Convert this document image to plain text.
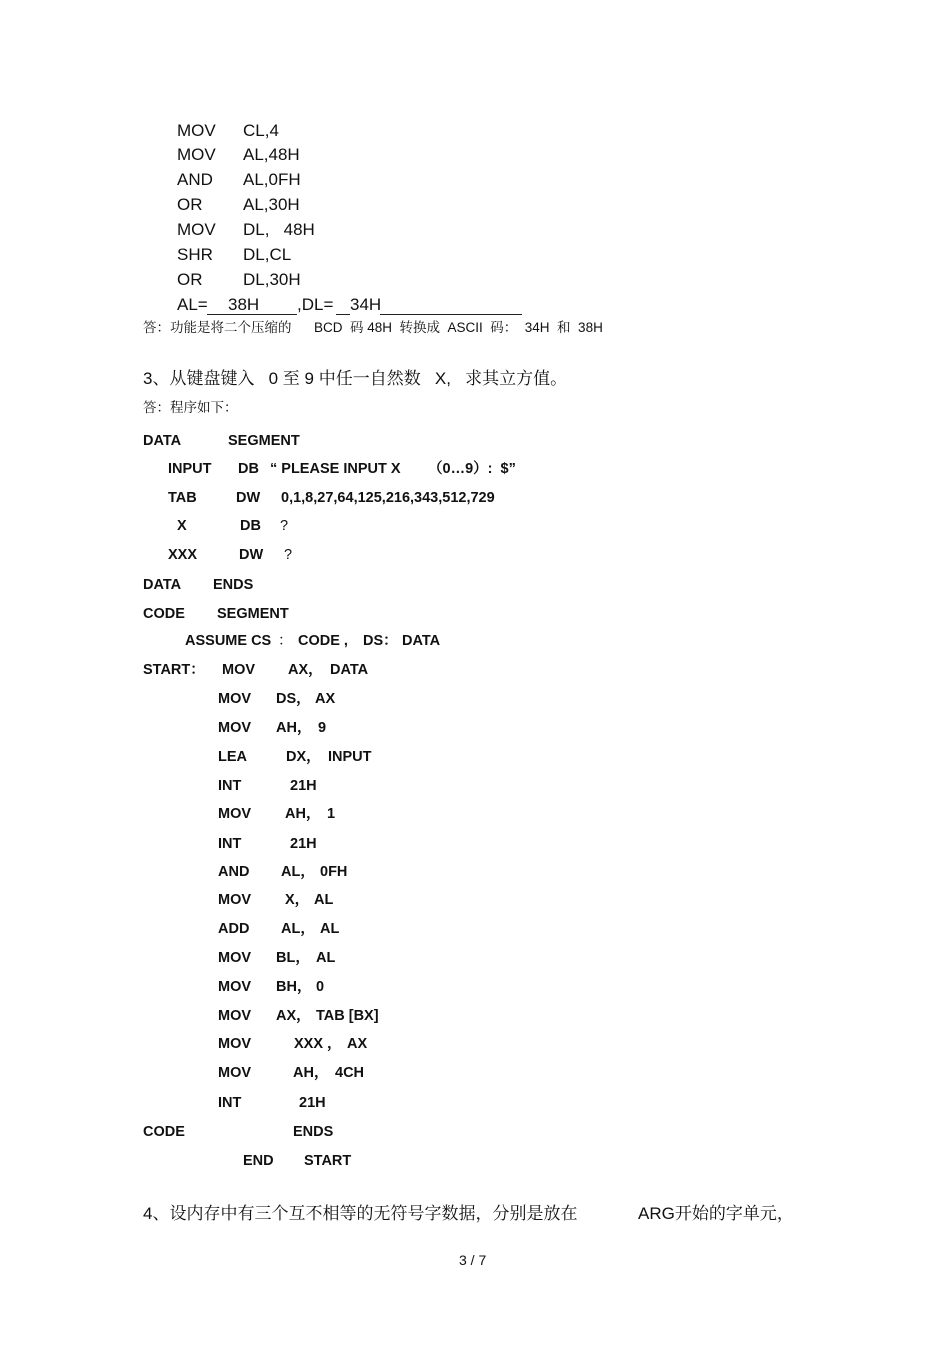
MOV CL,4
MOV AL,48H
AND AL,0FH
OR AL,30H
MOV DL,   48H
SHR DL,CL
OR DL,30H
AL= 38H ,DL= 34H
答：功能是将二个压缩的      BCD  码 48H  转换成  ASCII  码：  34H  和  38H
3、从键盘键入   0 至 9 中任一自然数   X,   求其立方值。
答：程序如下：
DATA	SEGMENT
INPUT DB “ PLEASE INPUT X （0…9）:  $”
TAB	DW 0,1,8,27,64,125,216,343,512,729
X	DB ?
XXX	DW ?
DATA ENDS
CODE SEGMENT
ASSUME CS ： CODE , DS： DATA
START： MOV AX， DATA
MOV DS， AX
MOV AH， 9
LEA	DX， INPUT
INT	21H
MOV AH， 1
INT	21H
AND AL， 0FH
MOV X， AL
ADD AL， AL
MOV BL， AL
MOV BH， 0
MOV AX， TAB [BX]
MOV	XXX ， AX
MOV	AH， 4CH
INT	21H
CODE	ENDS
END START
4、设内存中有三个互不相等的无符号字数据，分别是放在	ARG开始的字单元，
3 / 7
